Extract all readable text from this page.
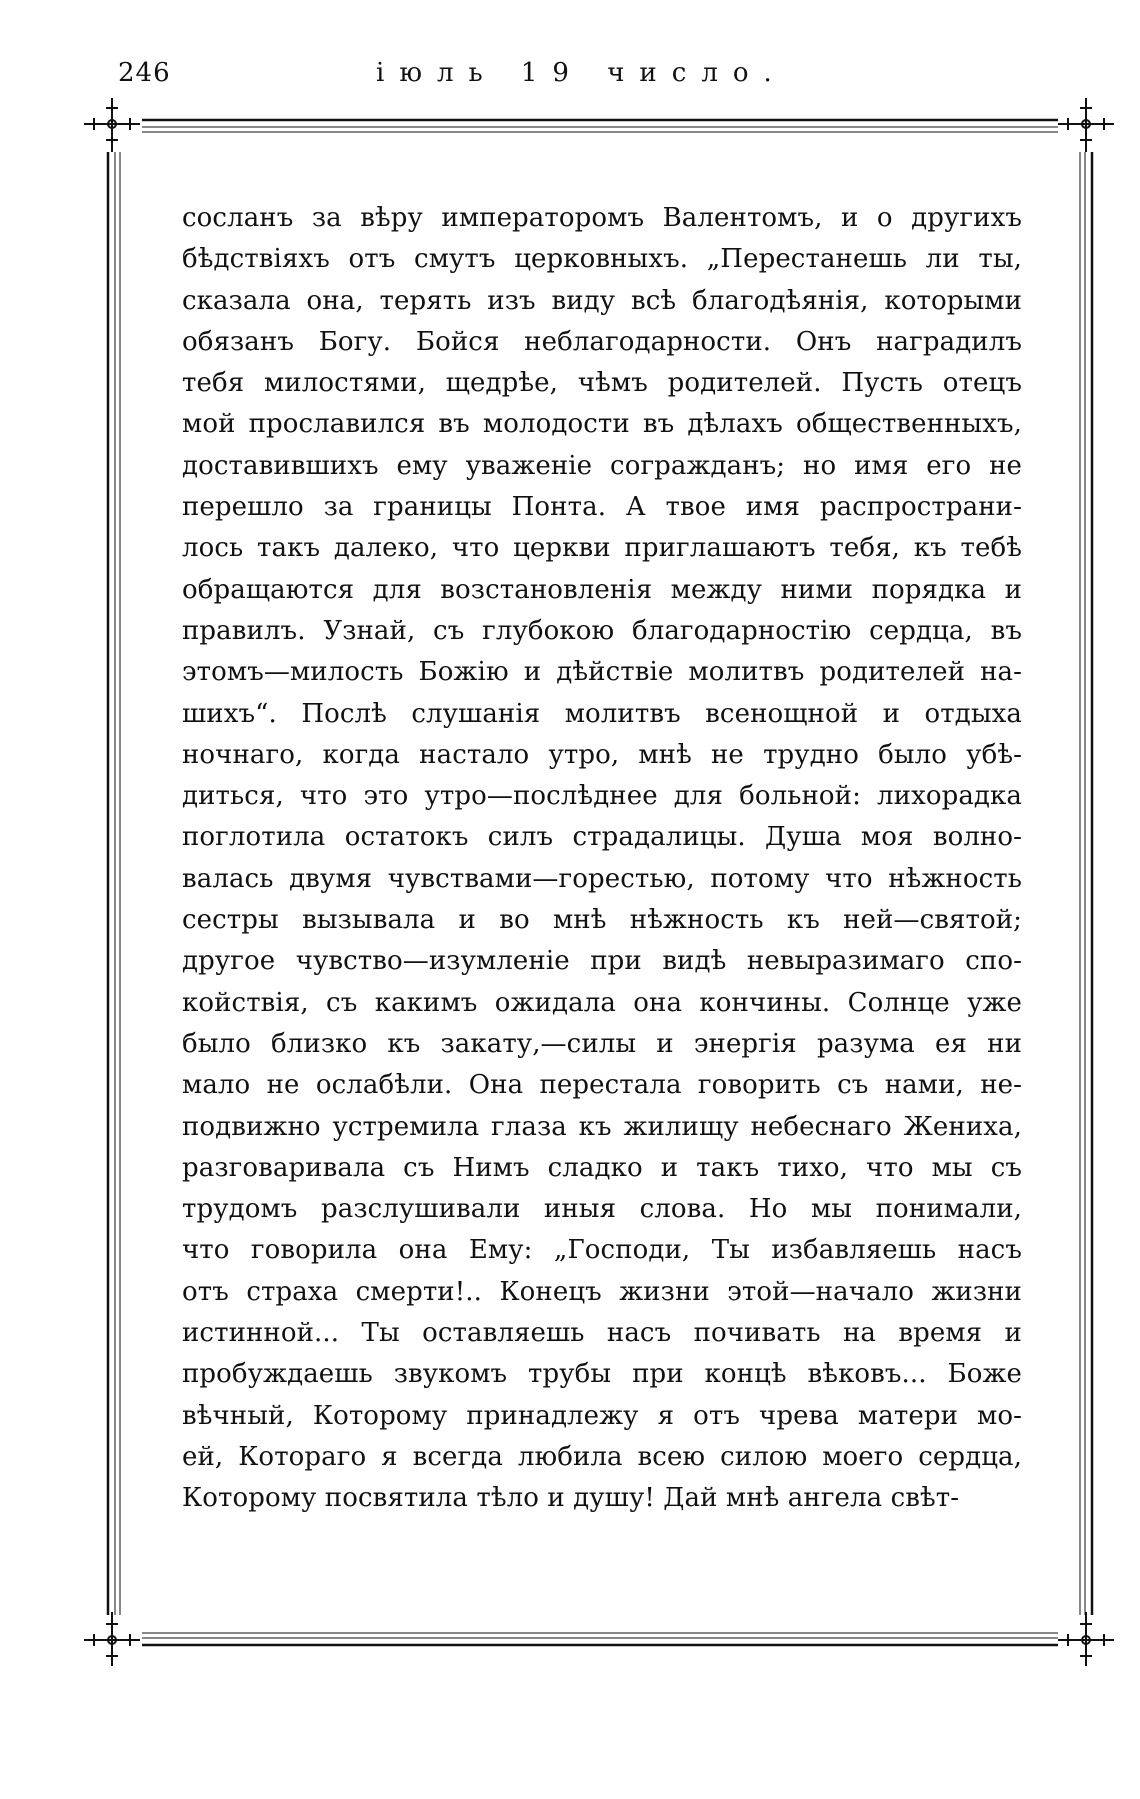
246	іюль 19 число.
сосланъ за вѣру императоромъ Валентомъ, и о другихъ
бѣдствіяхъ отъ смутъ церковныхъ. „Перестанешь ли ты,
сказала она, терять изъ виду всѣ благодѣянія, которыми
обязанъ Богу. Бойся неблагодарности. Онъ наградилъ
тебя милостями, щедрѣе, чѣмъ родителей. Пусть отецъ
мой прославился въ молодости въ дѣлахъ общественныхъ,
доставившихъ ему уваженіе согражданъ; но имя его не
перешло за границы Понта. А твое имя распространи-
лось такъ далеко, что церкви приглашаютъ тебя, къ тебѣ
обращаются для возстановленія между ними порядка и
правилъ. Узнай, съ глубокою благодарностію сердца, въ
этомъ—милость Божію и дѣйствіе молитвъ родителей на-
шихъ“. Послѣ слушанія молитвъ всенощной и отдыха
ночнаго, когда настало утро, мнѣ не трудно было убѣ-
диться, что это утро—послѣднее для больной: лихорадка
поглотила остатокъ силъ страдалицы. Душа моя волно-
валась двумя чувствами—горестью, потому что нѣжность
сестры вызывала и во мнѣ нѣжность къ ней—святой;
другое чувство—изумленіе при видѣ невыразимаго спо-
койствія, съ какимъ ожидала она кончины. Солнце уже
было близко къ закату,—силы и энергія разума ея ни
мало не ослабѣли. Она перестала говорить съ нами, не-
подвижно устремила глаза къ жилищу небеснаго Жениха,
разговаривала съ Нимъ сладко и такъ тихо, что мы съ
трудомъ разслушивали иныя слова. Но мы понимали,
что говорила она Ему: „Господи, Ты избавляешь насъ
отъ страха смерти!.. Конецъ жизни этой—начало жизни
истинной... Ты оставляешь насъ почивать на время и
пробуждаешь звукомъ трубы при концѣ вѣковъ... Боже
вѣчный, Которому принадлежу я отъ чрева матери мо-
ей, Котораго я всегда любила всею силою моего сердца,
Которому посвятила тѣло и душу! Дай мнѣ ангела свѣт-
